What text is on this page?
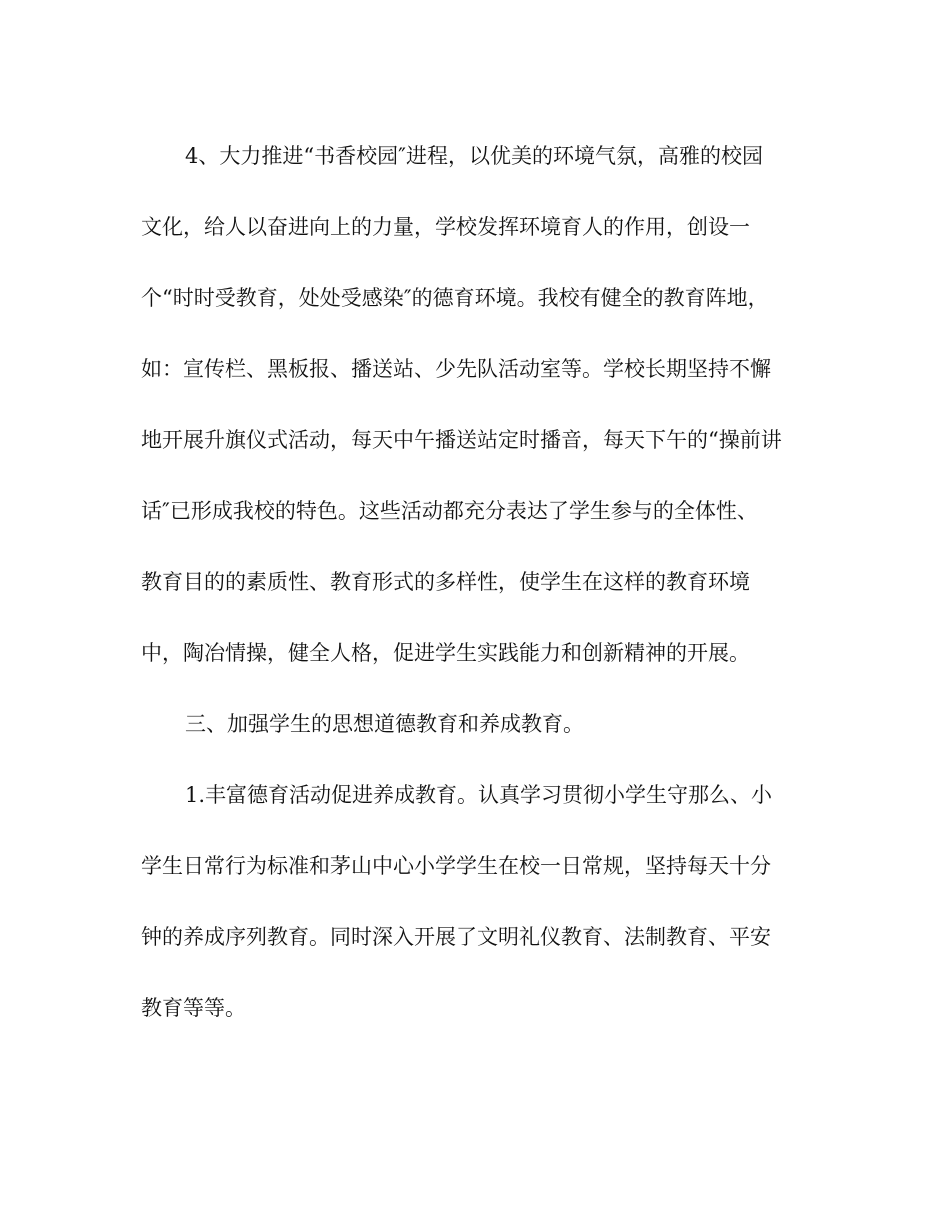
4、大力推进“书香校园″进程，以优美的环境气氛，高雅的校园

文化，给人以奋进向上的力量，学校发挥环境育人的作用，创设一

个“时时受教育，处处受感染″的德育环境。我校有健全的教育阵地，

如：宣传栏、黑板报、播送站、少先队活动室等。学校长期坚持不懈

地开展升旗仪式活动，每天中午播送站定时播音，每天下午的“操前讲

话″已形成我校的特色。这些活动都充分表达了学生参与的全体性、

教育目的的素质性、教育形式的多样性，使学生在这样的教育环境

中，陶冶情操，健全人格，促进学生实践能力和创新精神的开展。

三、加强学生的思想道德教育和养成教育。

1.丰富德育活动促进养成教育。认真学习贯彻小学生守那么、小

学生日常行为标准和茅山中心小学学生在校一日常规，坚持每天十分

钟的养成序列教育。同时深入开展了文明礼仪教育、法制教育、平安

教育等等。
